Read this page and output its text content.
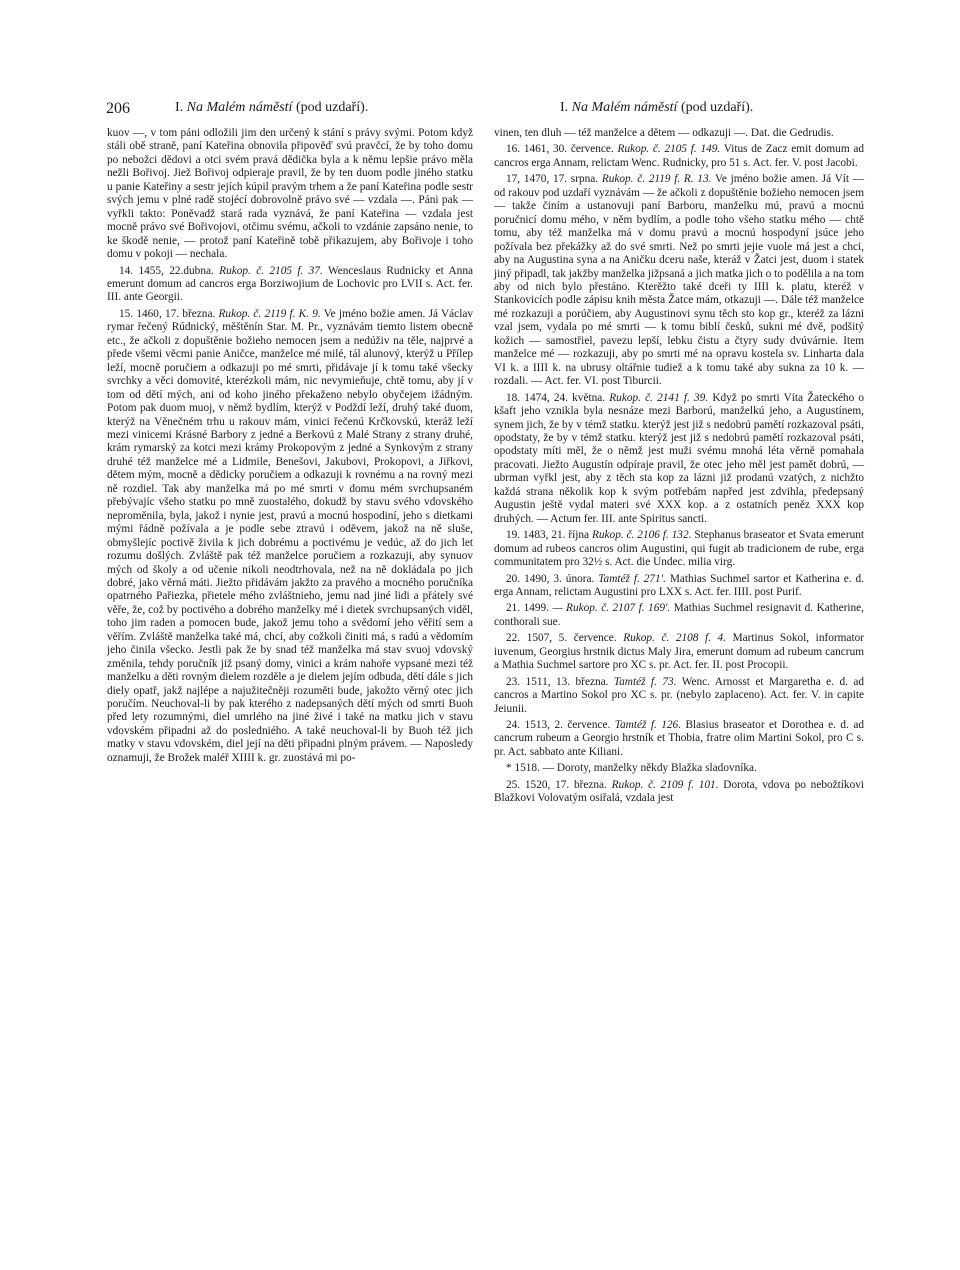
206	I. Na Malém náměstí (pod uzdaří).	I. Na Malém náměstí (pod uzdaří).

kuov —, v tom páni odložili jim den určený k stání s právy svými. Potom když stáli obě straně, paní Kateřina obnovila připověď svú pravčcí, že by toho domu po nebožci dědovi a otci svém pravá dědička byla a k němu lepšie právo měla nežli Bořivoj. Jiež Bořivoj odpieraje pravil, že by ten duom podle jiného statku u panie Kateřiny a sestr jejích kúpil pravým trhem a že paní Kateřina podle sestr svých jemu v plné radě stojécí dobrovolně právo své — vzdala —. Páni pak — vyřkli takto: Poněvadž stará rada vyznává, že paní Kateřina — vzdala jest mocně právo své Bořivojovi, otčimu svému, ačkoli to vzdánie zapsáno nenie, to ke škodě nenie, — protož paní Kateřině tobě přikazujem, aby Bořivoje i toho domu v pokoji — nechala.

14. 1455, 22.dubna. Rukop. č. 2105 f. 37. Wenceslaus Rudnicky et Anna emerunt domum ad cancros erga Borziwojium de Lochovic pro LVII s. Act. fer. III. ante Georgii.

15. 1460, 17. března. Rukop. č. 2119 f. K. 9. Ve jméno božie amen. Já Václav rymar řečený Rúdnický, měštěnín Star. M. Pr., vyznávám tiemto listem obecně etc., že ačkoli z dopuštěnie božieho nemocen jsem a nedúživ na těle, najprvé a přede všemi věcmi panie Aničce, manželce mé milé, tál alunový, kterýž u Přílep leží, mocně poručiem a odkazuji po mé smrti, přidávaje jí k tomu také všecky svrchky a věci domovité, kterézkoli mám, nic nevymieňuje, chtě tomu, aby jí v tom od dětí mých, ani od koho jiného překaženo nebylo obyčejem ižádným. Potom pak duom muoj, v němž bydlím, kterýž v Podždí leží, druhý také duom, kterýž na Věnečném trhu u rakouv mám, vinici řečenú Krčkovskú, kteráž leží mezi vinicemi Krásné Barbory z jedné a Berkovú z Malé Strany z strany druhé, krám rymarský za kotci mezi krámy Prokopovým z jedné a Synkovým z strany druhé též manželce mé a Lidmile, Benešovi, Jakubovi, Prokopovi, a Jiřkovi, dětem mým, mocně a dědicky poručiem a odkazuji k rovnému a na rovný mezi ně rozdiel. Tak aby manželka má po mé smrti v domu mém svrchupsaném přebývajíc všeho statku po mně zuostalého, dokudž by stavu svého vdovského neproměnila, byla, jakož i nynie jest, pravú a mocnú hospodiní, jeho s dietkami mými řádně požívala a je podle sebe ztravú i oděvem, jakož na ně sluše, obmyšlejíc poctivě živila k jich dobrému a poctivému je vedúc, až do jich let rozumu došlých. Zvláště pak též manželce poručiem a rozkazuji, aby synuov mých od školy a od učenie nikoli neodtrhovala, než na ně dokládala po jich dobré, jako věrná máti. Jiežto přidávám jakžto za pravého a mocného poručníka opatrného Pařiezka, přietele mého zvláštnieho, jemu nad jiné lidi a přátely své věře, že, což by poctivého a dobrého manželky mé i dietek svrchupsaných viděl, toho jim raden a pomocen bude, jakož jemu toho a svědomí jeho věřití sem a věřím. Zvláště manželka také má, chcí, aby cožkoli činiti má, s radú a vědomím jeho činila všecko. Jestli pak že by snad též manželka má stav svuoj vdovský změnila, tehdy poručník již psaný domy, vinici a krám nahoře vypsané mezi též manželku a děti rovným dielem rozděle a je dielem jejím odbuda, dětí dále s jich diely opatř, jakž najlépe a najužitečněji rozuměti bude, jakožto věrný otec jich poručím. Neuchoval-li by pak kterého z nadepsaných dětí mých od smrti Buoh před lety rozumnými, diel umrlého na jiné živé i také na matku jich v stavu vdovském připadni až do posledniého. A také neuchoval-li by Buoh též jich matky v stavu vdovském, diel její na děti připadni plným právem. — Naposledy oznamuji, že Brožek maléř XIIII k. gr. zuostává mi po-

vinen, ten dluh — též manželce a dětem — odkazuji —. Dat. die Gedrudis.

16. 1461, 30. července. Rukop. č. 2105 f. 149. Vitus de Zacz emit domum ad cancros erga Annam, relictam Wenc. Rudnicky, pro 51 s. Act. fer. V. post Jacobi.

17, 1470, 17. srpna. Rukop. č. 2119 f. R. 13. Ve jméno božie amen. Já Vít — od rakouv pod uzdaří vyznávám — že ačkoli z dopuštěnie božieho nemocen jsem — takže činím a ustanovuji paní Barboru, manželku mú, pravú a mocnú poručnicí domu mého, v něm bydlím, a podle toho všeho statku mého — chtě tomu, aby též manželka má v domu pravú a mocnú hospodyní jsúce jeho požívala bez překážky až do své smrti. Než po smrti jejie vuole má jest a chci, aby na Augustina syna a na Aničku dceru naše, kteráž v Žatci jest, duom i statek jiný připadl, tak jakžby manželka jižpsaná a jich matka jich o to podělila a na tom aby od nich bylo přestáno. Kterěžto také dceři ty IIII k. platu, kteréž v Stankovicích podle zápisu knih města Žatce mám, otkazuji —. Dále též manželce mé rozkazuji a porúčiem, aby Augustinovi synu těch sto kop gr., kteréž za lázni vzal jsem, vydala po mé smrti — k tomu biblí česků, sukni mé dvě, podšitý kožich — samostřiel, pavezu lepší, lebku čistu a čtyry sudy dvúvárnie. Item manželce mé — rozkazuji, aby po smrti mé na opravu kostela sv. Linharta dala VI k. a IIII k. na ubrusy oltářnie tudiež a k tomu také aby sukna za 10 k. — rozdali. — Act. fer. VI. post Tiburcii.

18. 1474, 24. května. Rukop. č. 2141 f. 39. Když po smrti Víta Žateckého o kšaft jeho vznikla byla nesnáze mezi Barború, manželkú jeho, a Augustínem, synem jich, že by v témž statku. kterýž jest již s nedobrú pamětí rozkazoval psáti, opodstaty, že by v témž statku. kterýž jest již s nedobrú pamětí rozkazoval psáti, opodstaty míti měl, že o němž jest muži svému mnohá léta věrně pomahala pracovati. Jiežto Augustín odpíraje pravil, že otec jeho měl jest pamět dobrú, — ubrman vyřkl jest, aby z těch sta kop za lázni již prodanú vzatých, z nichžto každá strana několik kop k svým potřebám napřed jest zdvihla, předepsaný Augustin ještě vydal materi své XXX kop. a z ostatních peněz XXX kop druhých. — Actum fer. III. ante Spiritus sancti.

19. 1483, 21. října Rukop. č. 2106 f. 132. Stephanus braseator et Svata emerunt domum ad rubeos cancros olim Augustini, qui fugit ab tradicionem de rube, erga communitatem pro 32½ s. Act. die Undec. milia virg.

20. 1490, 3. února. Tamtéž f. 271'. Mathias Suchmel sartor et Katherina e. d. erga Annam, relictam Augustini pro LXX s. Act. fer. IIII. post Purif.

21. 1499. — Rukop. č. 2107 f. 169'. Mathias Suchmel resignavit d. Katherine, conthorali sue.

22. 1507, 5. července. Rukop. č. 2108 f. 4. Martinus Sokol, informator iuvenum, Georgius hrstnik dictus Maly Jira, emerunt domum ad rubeum cancrum a Mathia Suchmel sartore pro XC s. pr. Act. fer. II. post Procopii.

23. 1511, 13. března. Tamtéž f. 73. Wenc. Arnosst et Margaretha e. d. ad cancros a Martino Sokol pro XC s. pr. (nebylo zaplaceno). Act. fer. V. in capite Jeiunii.

24. 1513, 2. července. Tamtéž f. 126. Blasius braseator et Dorothea e. d. ad cancrum rubeum a Georgio hrstník et Thobia, fratre olim Martini Sokol, pro C s. pr. Act. sabbato ante Kiliani.

* 1518. — Doroty, manželky někdy Blažka sladovníka.

25. 1520, 17. března. Rukop. č. 2109 f. 101. Dorota, vdova po nebožtíkovi Blažkovi Volovatým osiřalá, vzdala jest
